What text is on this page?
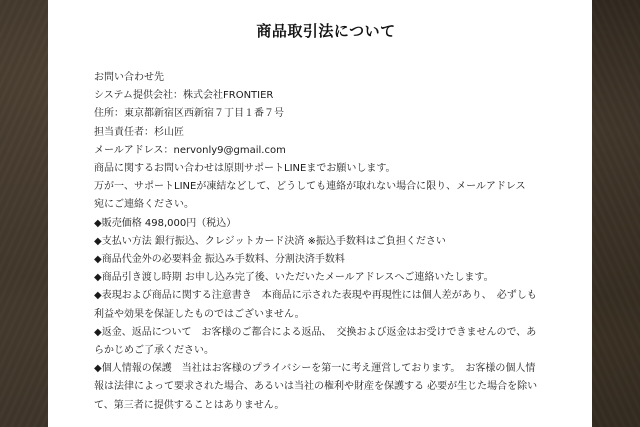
商品取引法について
お問い合わせ先
システム提供会社：株式会社FRONTIER
住所：東京都新宿区西新宿７丁目１番７号
担当責任者：杉山匠
メールアドレス：nervonly9@gmail.com
商品に関するお問い合わせは原則サポートLINEまでお願いします。
万が一、サポートLINEが凍結などして、どうしても連絡が取れない場合に限り、メールアドレス
宛にご連絡ください。
◆販売価格 498,000円（税込）
◆支払い方法 銀行振込、クレジットカード決済 ※振込手数料はご負担ください
◆商品代金外の必要料金 振込み手数料、分割決済手数料
◆商品引き渡し時期 お申し込み完了後、いただいたメールアドレスへご連絡いたします。
◆表現および商品に関する注意書き　本商品に示された表現や再現性には個人差があり、　必ずしも
利益や効果を保証したものではございません。
◆返金、返品について　お客様のご都合による返品、　交換および返金はお受けできませんので、あ
らかじめご了承ください。
◆個人情報の保護　当社はお客様のプライバシーを第一に考え運営しております。　お客様の個人情
報は法律によって要求された場合、あるいは当社の権利や財産を保護する 必要が生じた場合を除い
て、第三者に提供することはありません。
